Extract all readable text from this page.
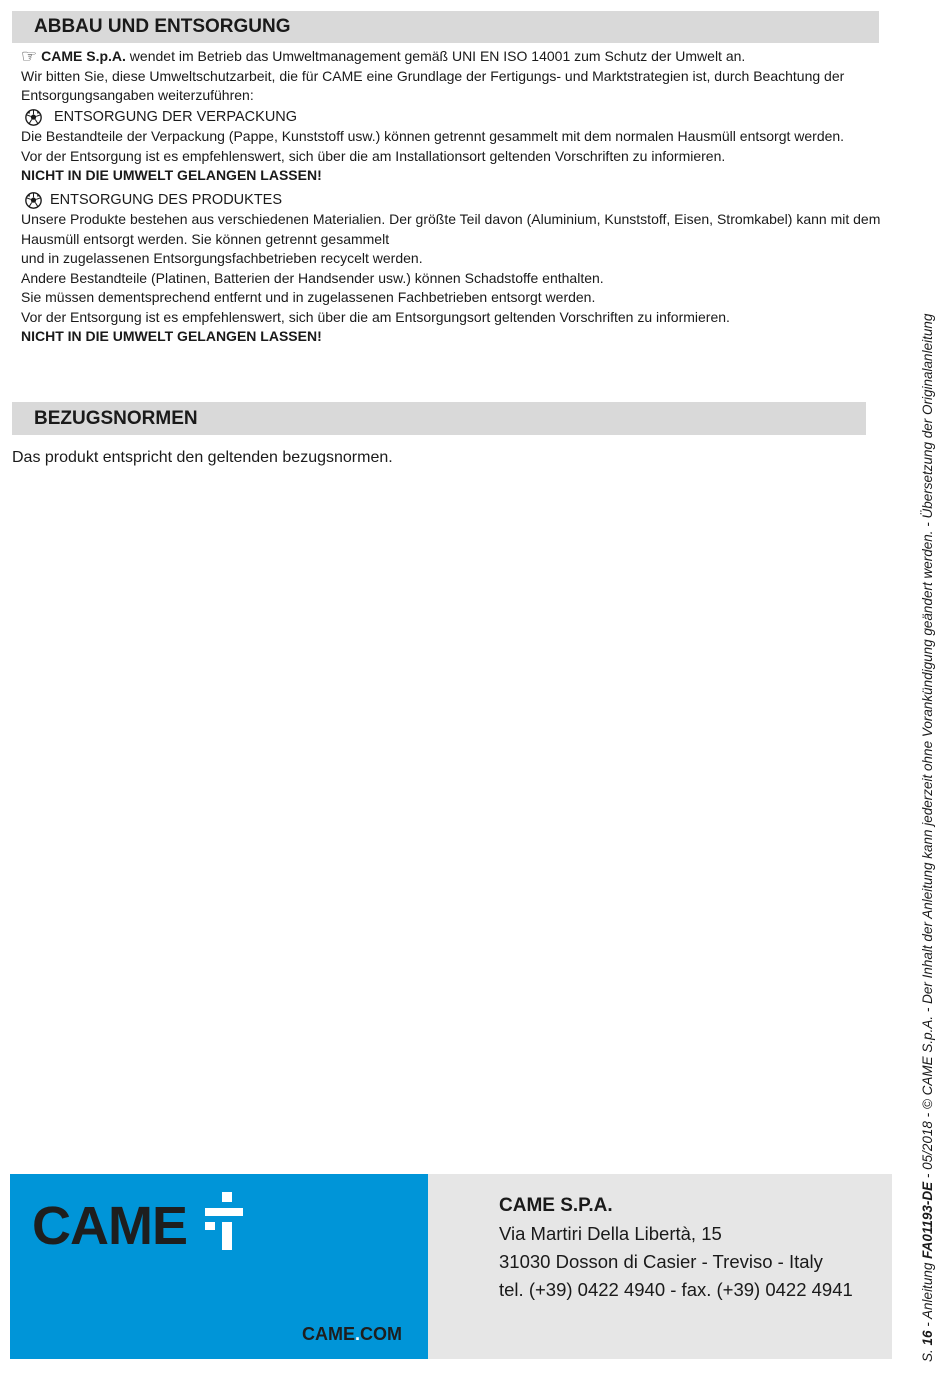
ABBAU UND ENTSORGUNG
☞ CAME S.p.A. wendet im Betrieb das Umweltmanagement gemäß UNI EN ISO 14001 zum Schutz der Umwelt an.
Wir bitten Sie, diese Umweltschutzarbeit, die für CAME eine Grundlage der Fertigungs- und Marktstrategien ist, durch Beachtung der
Entsorgungsangaben weiterzuführen:
ENTSORGUNG DER VERPACKUNG
Die Bestandteile der Verpackung (Pappe, Kunststoff usw.) können getrennt gesammelt mit dem normalen Hausmüll entsorgt werden.
Vor der Entsorgung ist es empfehlenswert, sich über die am Installationsort geltenden Vorschriften zu informieren.
NICHT IN DIE UMWELT GELANGEN LASSEN!
ENTSORGUNG DES PRODUKTES
Unsere Produkte bestehen aus verschiedenen Materialien. Der größte Teil davon (Aluminium, Kunststoff, Eisen, Stromkabel) kann mit dem
Hausmüll entsorgt werden. Sie können getrennt gesammelt
und in zugelassenen Entsorgungsfachbetrieben recycelt werden.
Andere Bestandteile (Platinen, Batterien der Handsender usw.) können Schadstoffe enthalten.
Sie müssen dementsprechend entfernt und in zugelassenen Fachbetrieben entsorgt werden.
Vor der Entsorgung ist es empfehlenswert, sich über die am Entsorgungsort geltenden Vorschriften zu informieren.
NICHT IN DIE UMWELT GELANGEN LASSEN!
BEZUGSNORMEN
Das produkt entspricht den geltenden bezugsnormen.
CAME
CAME.COM
CAME S.P.A.
Via Martiri Della Libertà, 15
31030 Dosson di Casier - Treviso - Italy
tel. (+39) 0422 4940 - fax. (+39) 0422 4941
S. 16 - Anleitung FA01193-DE - 05/2018 - © CAME S.p.A. - Der Inhalt der Anleitung kann jederzeit ohne Vorankündigung geändert werden. - Übersetzung der Originalanleitung
